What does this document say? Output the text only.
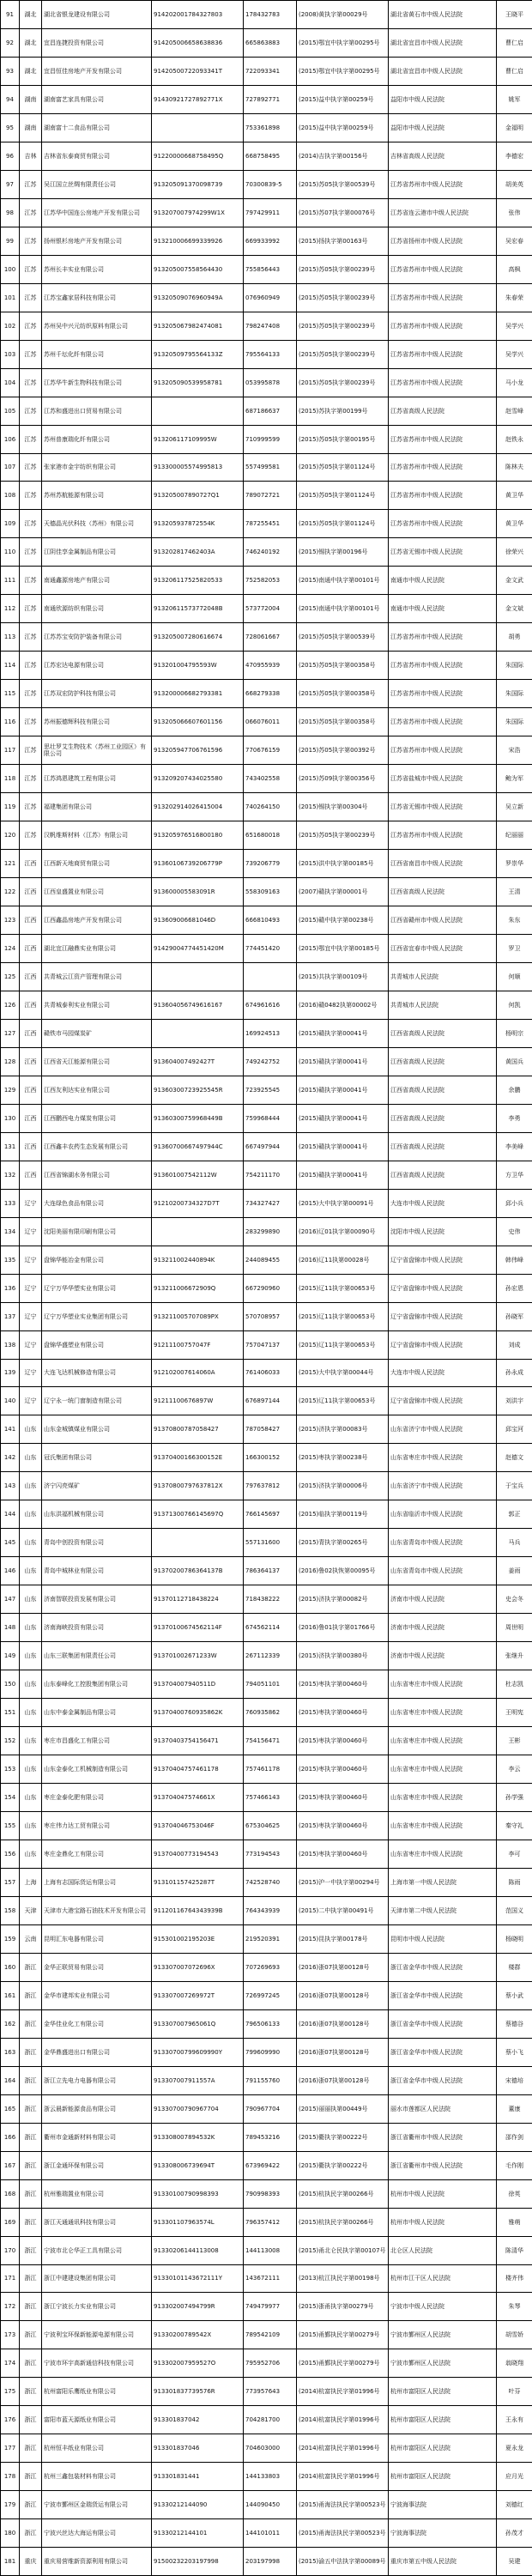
91	湖北	湖北省银龙建设有限公司	914202001784327803	178432783	(2008)黄执字第00029号	湖北省黄石市中级人民法院	王晓平
92	湖北	宜昌连捷投资有限公司	914205006658638836	665863883	(2015)鄂宜中执字第00295号	湖北省宜昌市中级人民法院	曹仁启
93	湖北	宜昌恒佳房地产开发有限公司	91420500722093341T	722093341	(2015)鄂宜中执字第00295号	湖北省宜昌市中级人民法院	曹仁启
94	湖南	湖南富艺家具有限公司	91430921727892771X	727892771	(2015)益中执字第00259号	益阳市中级人民法院	姚军
95	湖南	湖南富十二食品有限公司		753361898	(2015)益中执字第00259号	益阳市中级人民法院	金福明
96	吉林	吉林省东泰商贸有限公司	91220000668758495Q	668758495	(2014)吉执字第00156号	吉林省高级人民法院	李德宏
97	江苏	吴江国立丝绸有限责任公司	913205091370098739	70300839-5	(2015)苏05执字第00539号	江苏省苏州市中级人民法院	胡美英
98	江苏	江苏华中国连公房地产开发有限公司	913207007974299W1X	797429911	(2015)苏07执字第00076号	江苏省连云港市中级人民法院	张伟
99	江苏	扬州银杉房地产开发有限公司	913210006699339926	669933992	(2015)扬执字第00163号	江苏省扬州市中级人民法院	吴宏春
100	江苏	苏州长丰实业有限公司	913205007558564430	755856443	(2015)苏05执字第00239号	江苏省苏州市中级人民法院	高枫
101	江苏	江苏宝鑫家居科技有限公司	91320509076960949A	076960949	(2015)苏05执字第00239号	江苏省苏州市中级人民法院	朱春荣
102	江苏	苏州吴中兴元纺织原料有限公司	913205067982474081	798247408	(2015)苏05执字第00239号	江苏省苏州市中级人民法院	吴学兴
103	江苏	苏州千坛化纤有限公司	91320509795564133Z	795564133	(2015)苏05执字第00239号	江苏省苏州市中级人民法院	吴学兴
104	江苏	江苏华牛新生物科技有限公司	913205090539958781	053995878	(2015)苏05执字第00239号	江苏省苏州市中级人民法院	马小龙
105	江苏	江苏和盛进出口贸易有限公司		687186637	(2015)苏执字第00199号	江苏省高级人民法院	赵雪峰
106	江苏	苏州普康瑞化纤有限公司	913206117109995W	710999599	(2015)苏05执字第00195号	江苏省苏州市中级人民法院	赵铁永
107	江苏	张家港市金宇纺织有限公司	913300005574995813	557499581	(2015)苏05执字第01124号	江苏省苏州市中级人民法院	陈林夫
108	江苏	苏州苏航能源有限公司	913205007890727Q1	789072721	(2015)苏05执字第01124号	江苏省苏州市中级人民法院	黄卫华
109	江苏	天德晶光伏科技（苏州）有限公司	913205937872554K	787255451	(2015)苏05执字第01124号	江苏省苏州市中级人民法院	黄卫华
110	江苏	江阴佳享金属制品有限公司	913202817462403A	746240192	(2015)锡执字第00196号	江苏省无锡市中级人民法院	徐荣兴
111	江苏	南通鑫源房地产有限公司	913206117525820533	752582053	(2015)南通中执字第00101号	南通市中级人民法院	金文武
112	江苏	南通欣源纺织有限公司	91320611573772048B	573772004	(2015)南通中执字第00101号	南通市中级人民法院	金文斌
113	江苏	江苏苏宝安防护装备有限公司	913205007280616674	728061667	(2015)苏05执字第00539号	江苏省苏州市中级人民法院	胡勇
114	江苏	江苏宏达电源有限公司	913201004795593W	470955939	(2015)苏05执字第00358号	江苏省苏州市中级人民法院	朱国际
115	江苏	江苏双宏防护科技有限公司	913200006682793381	668279338	(2015)苏05执字第00358号	江苏省苏州市中级人民法院	朱国际
116	江苏	苏州振德辉科技有限公司	913205066607601156	066076011	(2015)苏05执字第00358号	江苏省苏州市中级人民法院	朱国际
117	江苏	思壮罗艾生物技术（苏州工业园区）有限公司	913205947706761596	770676159	(2015)苏05执字第00392号	江苏省苏州市中级人民法院	宋浩
118	江苏	江苏鸿恩建筑工程有限公司	913209207434025580	743402558	(2015)苏09执字第00356号	江苏省盐城市中级人民法院	鲍为军
119	江苏	福建集团有限公司	913202914026415004	740264150	(2015)锡执字第00304号	江苏省无锡市中级人民法院	吴立新
120	江苏	汉帆维斯材料（江苏）有限公司	913205976516800180	651680018	(2015)苏05执字第00239号	江苏省苏州市中级人民法院	纪丽丽
121	江西	江西新天地商贸有限公司	91360106739206779P	739206779	(2015)洪中执字第00185号	江西省南昌市中级人民法院	罗崇华
122	江西	江西皇盛置业有限公司	913600005583091R	558309163	(2007)赣执字第00001号	江西省高级人民法院	王清
123	江西	江西鑫晶房地产开发有限公司	913609006681046D	666810493	(2015)赣中执字第00238号	江西省赣州市中级人民法院	朱东
124	江西	湖北宜江融鼎实业有限公司	91429004774451420M	774451420	(2015)鄂宜中执字第00185号	江西省宜春市中级人民法院	罗卫
125	江西	共青城云江资产管理有限公司			(2015)共执字第00109号	共青城市人民法院	何顺
126	江西	共青城泰利实业有限公司	913604056749616167	674961616	(2016)赣0482执第00002号	共青城市人民法院	何凯
127	江西	赣铁市马园煤炭矿		169924513	(2015)赣执字第00041号	江西省高级人民法院	杨明宗
128	江西	江西省天江能源有限公司	913604007492427T	749242752	(2015)赣执字第00041号	江西省高级人民法院	黄国兵
129	江西	江西友利达实业有限公司	91360300723925545R	723925545	(2015)赣执字第00041号	江西省高级人民法院	余鹏
130	江西	江西鹏西电力煤炭有限公司	91360300759968449B	759968444	(2015)赣执字第00041号	江西省高级人民法院	李勇
131	江西	江西鑫丰农药生态发展有限公司	91360700667497944C	667497944	(2015)赣执字第00041号	江西省高级人民法院	李美峰
132	江西	江西省锦湖水务有限公司	913601007542112W	754211170	(2015)赣执字第00041号	江西省高级人民法院	方卫华
133	辽宁	大连绿色食品有限公司	91210200734327D7T	734327427	(2015)大中执字第00091号	大连市中级人民法院	邱小兵
134	辽宁	沈阳美丽有限印刷有限公司		283299890	(2016)辽01执字第00090号	沈阳市中级人民法院	史伟
135	辽宁	盘锦华能冶金有限公司	913211002440894K	244089455	(2016)辽11执第00028号	辽宁省盘锦市中级人民法院	韩伟峰
136	辽宁	辽宁万华华塑实业有限公司	913211006672909Q	667290960	(2015)辽11执字第00653号	辽宁省盘锦市中级人民法院	孙宏恩
137	辽宁	辽宁万华塑业实业集团有限公司	913211005707089PX	570708957	(2015)辽11执字第00653号	辽宁省盘锦市中级人民法院	孙晓军
138	辽宁	盘锦华盛塑业有限公司	91211100757047F	757047137	(2015)辽11执字第00653号	辽宁省盘锦市中级人民法院	刘成
139	辽宁	大连飞达机械修造有限公司	912102007614060A	761406033	(2015)大中执字第00044号	大连市中级人民法院	孙永成
140	辽宁	辽宁永一统门窗制造有限公司	91211100676897W	676897144	(2015)辽11执字第00653号	辽宁省盘锦市中级人民法院	刘洪宇
141	山东	山东金城镇煤业有限公司	91370800787058427	787058427	(2015)济执字第00083号	山东省济宁市中级人民法院	邱宝河
142	山东	冠氏集团有限公司	91370400166300152E	166300152	(2015)枣执字第00238号	山东省枣庄市中级人民法院	赵德文
143	山东	济宁闪亮煤矿	91370800797637812X	797637812	(2015)济执字第00006号	山东省济宁市中级人民法院	于宝兵
144	山东	山东洪福机械有限公司	91371300766145697Q	766145697	(2015)临执字第00119号	山东省临沂市中级人民法院	郭正
145	山东	青岛中创投资有限公司		557131600	(2015)青执字第00265号	山东省青岛市中级人民法院	马兵
146	山东	青岛中城林业有限公司	91370200786364137B	786364137	(2016)鲁02执恢第00095号	山东省青岛市中级人民法院	姜雨
147	山东	济南智联投资发展有限公司	91370112718438224	718438222	(2015)济执字第00082号	济南市中级人民法院	史会冬
148	山东	济南海峡投资有限公司	91370100674562114F	674562114	(2016)鲁01执字第01766号	济南市中级人民法院	周世明
149	山东	山东三联集团有限责任公司	913701002671233W	267112339	(2015)济执字第00380号	济南市中级人民法院	张继升
150	山东	山东泰峰化工控股集团有限公司	913704007940511D	794051101	(2015)枣执字第00460号	山东省枣庄市中级人民法院	杜志凯
151	山东	山东中泰金属制品有限公司	91370400760935862K	760935862	(2015)枣执字第00460号	山东省枣庄市中级人民法院	王明宪
152	山东	枣庄市昌盛化工有限公司	91370403754156471	754156471	(2015)枣执字第00460号	山东省枣庄市中级人民法院	王彬
153	山东	山东金泰化工机械制造有限公司	91370404757461178	757461178	(2015)枣执字第00460号	山东省枣庄市中级人民法院	李云
154	山东	枣庄金泰化肥有限公司	913704047574661X	757466143	(2015)枣执字第00460号	山东省枣庄市中级人民法院	孙学强
155	山东	枣庄伟力达工贸有限公司	913704046753046F	675304625	(2015)枣执字第00460号	山东省枣庄市中级人民法院	秦守礼
156	山东	枣庄金鼎化工有限公司	91370400773194543	773194543	(2015)枣执字第00460号	山东省枣庄市中级人民法院	李可
157	上海	上海有志国际货运有限公司	913101157425287T	742528740	(2015)沪一中执字第00294号	上海市第一中级人民法院	陈雨
158	天津	天津市大港宝路石油技术开发有限公司	91120116764343939B	764343939	(2015)二中执字第00491号	天津市第二中级人民法院	范国义
159	云南	昆明汇东电器有限公司	915301002195203E	219520391	(2015)昆执字第00178号	昆明市中级人民法院	杨晓明
160	浙江	金华正联贸易有限公司	913307007072696X	707269693	(2016)浙07执第00128号	浙江省金华市中级人民法院	楼群
161	浙江	金华市建邦实业有限公司	913307007269972T	726997245	(2016)浙07执第00128号	浙江省金华市中级人民法院	蔡小武
162	浙江	金华佳业化工有限公司	913307007965061Q	796506133	(2016)浙07执第00128号	浙江省金华市中级人民法院	蔡德谷
163	浙江	金华鼎盛进出口有限公司	91330700799609990Y	799609990	(2016)浙07执第00128号	浙江省金华市中级人民法院	蔡小飞
164	浙江	浙江立先电力电器有限公司	913307007911557A	791155760	(2016)浙07执第00128号	浙江省金华市中级人民法院	宋德培
165	浙江	浙云晨新能源食品有限公司	91330700790967704	790967704	(2015)丽丽执第00449号	丽水市莲都区人民法院	董康
166	浙江	衢州市金通新材料有限公司	913308007894532K	789453216	(2015)衢执字第00222号	浙江省衢州市中级人民法院	邵作剑
167	浙江	浙江金通环保有限公司	913308006739694T	673969422	(2015)衢执字第00222号	浙江省衢州市中级人民法院	毛作刚
168	浙江	杭州雅瑞置业有限公司	91330100790998393	790998393	(2015)杭执民字第00266号	杭州市中级人民法院	徐英
169	浙江	浙江天通通讯科技有限公司	913301107963574L	796357412	(2015)杭执民字第00266号	杭州市中级人民法院	雅萌
170	浙江	宁波市北仑华正工具有限公司	91330206144113008	144113008	(2015)甬北仑民执字第00107号	北仑区人民法院	陈清华
171	浙江	浙江中建建设集团有限公司	91330101143672111Y	143672111	(2013)杭江执民字第00198号	杭州市江干区人民法院	楼齐伟
172	浙江	浙江宁波长力实业有限公司	913302007494799R	749479977	(2015)浙甬执字第00279号	宁波市中级人民法院	朱琴
173	浙江	宁波利宝环保新能源电源有限公司	91330200789542X	789542109	(2015)甬鄞执民字第00279号	宁波市鄞州区人民法院	胡雪娇
174	浙江	宁波市环宇高新通信科技有限公司	913302007959527O	795952706	(2015)甬鄞执民字第00279号	宁波市鄞州区人民法院	翁晓翔
175	浙江	杭州富阳乐鹰纸业有限公司	913301837739576R	773957643	(2014)杭富执民字第01996号	杭州市富阳区人民法院	叶芬
176	浙江	富阳市蓝天源纸业有限公司	913301837042	704281700	(2014)杭富执民字第01996号	杭州市富阳区人民法院	王永有
177	浙江	杭州恒丰纸业有限公司	913301837046	704603000	(2014)杭富执民字第01996号	杭州市富阳区人民法院	夏永龙
178	浙江	杭州三鑫包装材料有限公司	913301831441	144133803	(2014)杭富执民字第01996号	杭州市富阳区人民法院	应月光
179	浙江	宁波市鄞州区金瑞货运有限公司	91330212144090	144090450	(2015)甬海法执民字第00523号	宁波海事法院	刘德红
180	浙江	宁波兴丝达大海运有限公司	91330212144101	144101011	(2015)甬海法执民字第00523号	宁波海事法院	孙茂才
181	重庆	重庆易营维新资源利用有限公司	91500232203197998	203197998	(2015)渝五中法执字第00089号	重庆市第五中级人民法院	吴建
